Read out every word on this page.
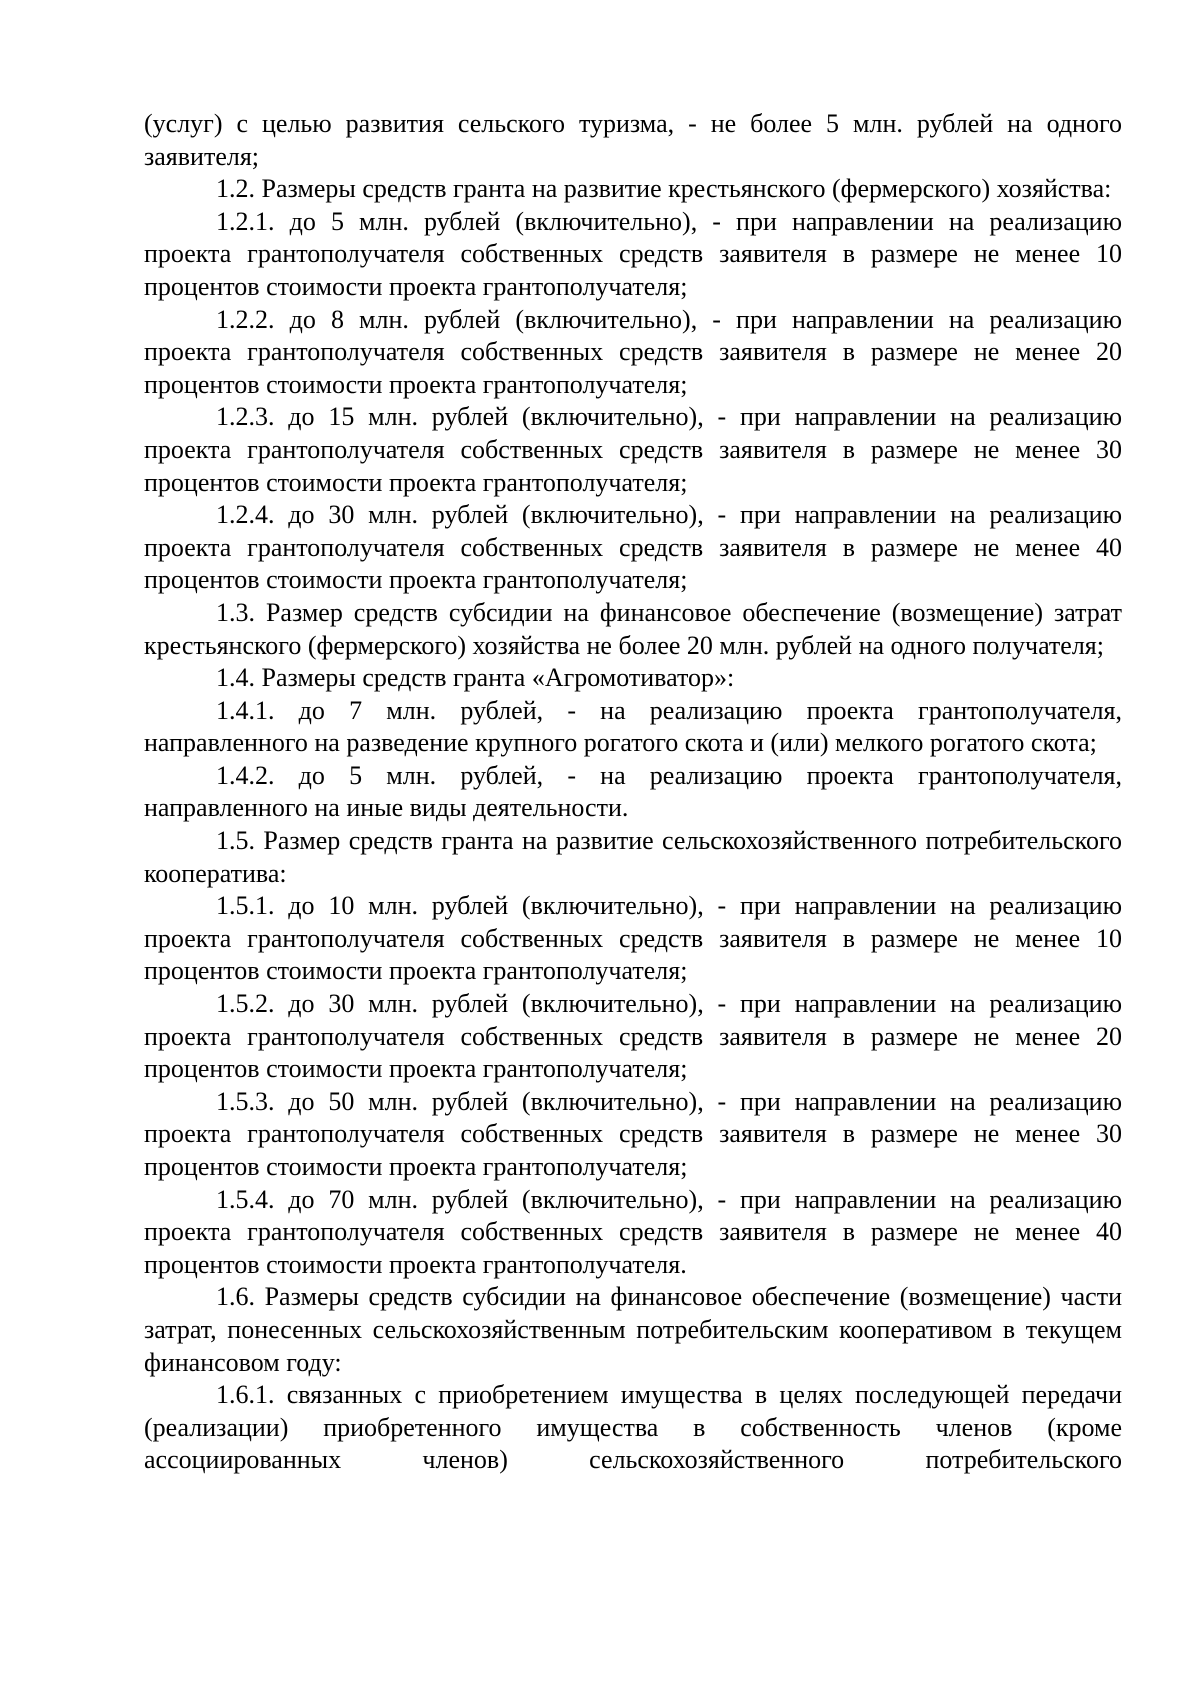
(услуг) с целью развития сельского туризма, - не более 5 млн. рублей на одного заявителя;

1.2. Размеры средств гранта на развитие крестьянского (фермерского) хозяйства:

1.2.1. до 5 млн. рублей (включительно), - при направлении на реализацию проекта грантополучателя собственных средств заявителя в размере не менее 10 процентов стоимости проекта грантополучателя;

1.2.2. до 8 млн. рублей (включительно), - при направлении на реализацию проекта грантополучателя собственных средств заявителя в размере не менее 20 процентов стоимости проекта грантополучателя;

1.2.3. до 15 млн. рублей (включительно), - при направлении на реализацию проекта грантополучателя собственных средств заявителя в размере не менее 30 процентов стоимости проекта грантополучателя;

1.2.4. до 30 млн. рублей (включительно), - при направлении на реализацию проекта грантополучателя собственных средств заявителя в размере не менее 40 процентов стоимости проекта грантополучателя;

1.3. Размер средств субсидии на финансовое обеспечение (возмещение) затрат крестьянского (фермерского) хозяйства не более 20 млн. рублей на одного получателя;

1.4. Размеры средств гранта «Агромотиватор»:

1.4.1. до 7 млн. рублей, - на реализацию проекта грантополучателя, направленного на разведение крупного рогатого скота и (или) мелкого рогатого скота;

1.4.2. до 5 млн. рублей, - на реализацию проекта грантополучателя, направленного на иные виды деятельности.

1.5. Размер средств гранта на развитие сельскохозяйственного потребительского кооператива:

1.5.1. до 10 млн. рублей (включительно), - при направлении на реализацию проекта грантополучателя собственных средств заявителя в размере не менее 10 процентов стоимости проекта грантополучателя;

1.5.2. до 30 млн. рублей (включительно), - при направлении на реализацию проекта грантополучателя собственных средств заявителя в размере не менее 20 процентов стоимости проекта грантополучателя;

1.5.3. до 50 млн. рублей (включительно), - при направлении на реализацию проекта грантополучателя собственных средств заявителя в размере не менее 30 процентов стоимости проекта грантополучателя;

1.5.4. до 70 млн. рублей (включительно), - при направлении на реализацию проекта грантополучателя собственных средств заявителя в размере не менее 40 процентов стоимости проекта грантополучателя.

1.6. Размеры средств субсидии на финансовое обеспечение (возмещение) части затрат, понесенных сельскохозяйственным потребительским кооперативом в текущем финансовом году:

1.6.1. связанных с приобретением имущества в целях последующей передачи (реализации) приобретенного имущества в собственность членов (кроме ассоциированных членов) сельскохозяйственного потребительского
